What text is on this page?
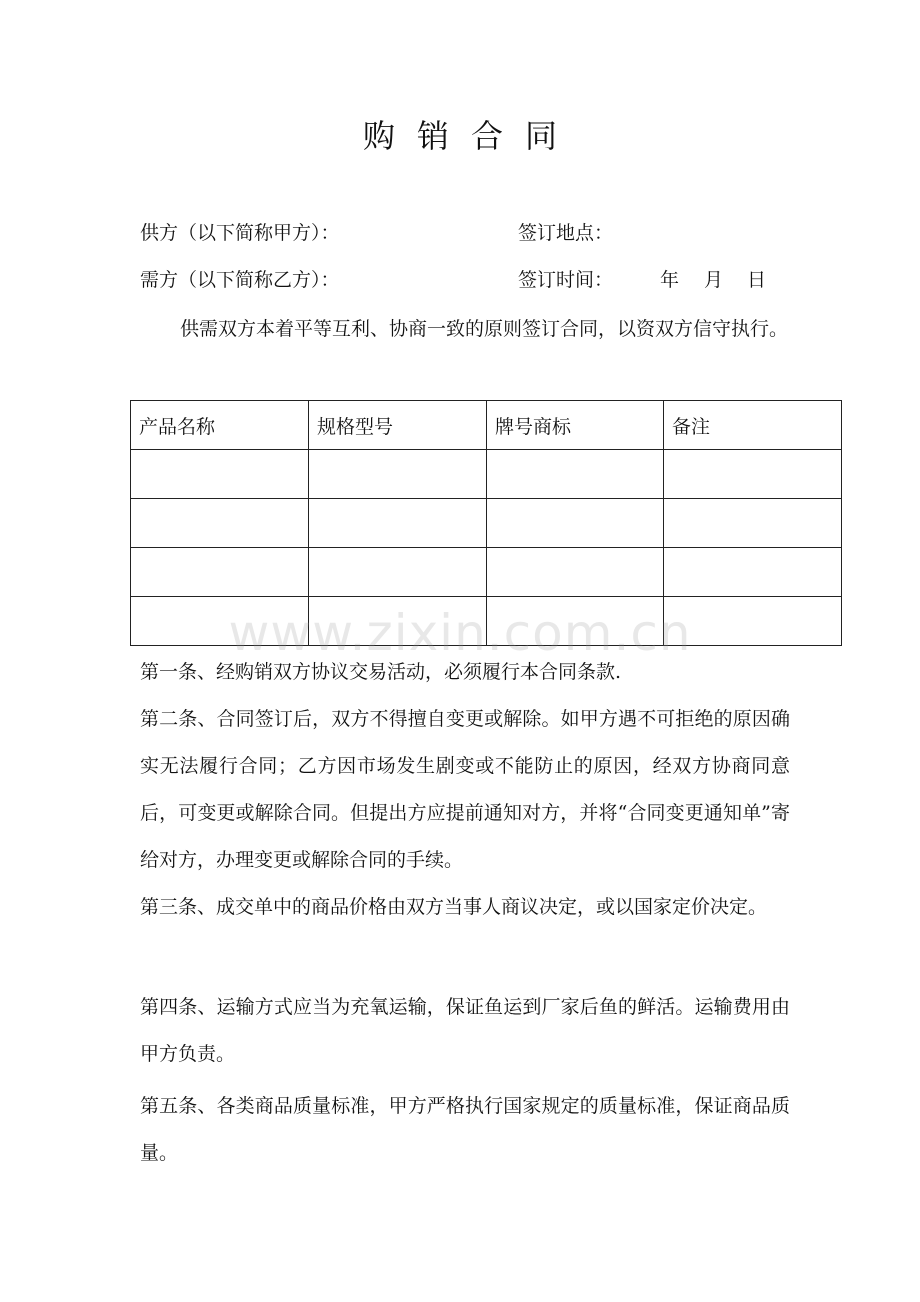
购销合同
供方（以下简称甲方）：	签订地点：
需方（以下简称乙方）：	签订时间： 年 月 日

供需双方本着平等互利、协商一致的原则签订合同，以资双方信守执行。

产品名称	规格型号	牌号商标	备注

www.zixin.com.cn

第一条、经购销双方协议交易活动，必须履行本合同条款.

第二条、合同签订后，双方不得擅自变更或解除。如甲方遇不可拒绝的原因确实无法履行合同；乙方因市场发生剧变或不能防止的原因，经双方协商同意后，可变更或解除合同。但提出方应提前通知对方，并将“合同变更通知单”寄给对方，办理变更或解除合同的手续。

第三条、成交单中的商品价格由双方当事人商议决定，或以国家定价决定。

第四条、运输方式应当为充氧运输，保证鱼运到厂家后鱼的鲜活。运输费用由甲方负责。

第五条、各类商品质量标准，甲方严格执行国家规定的质量标准，保证商品质量。
